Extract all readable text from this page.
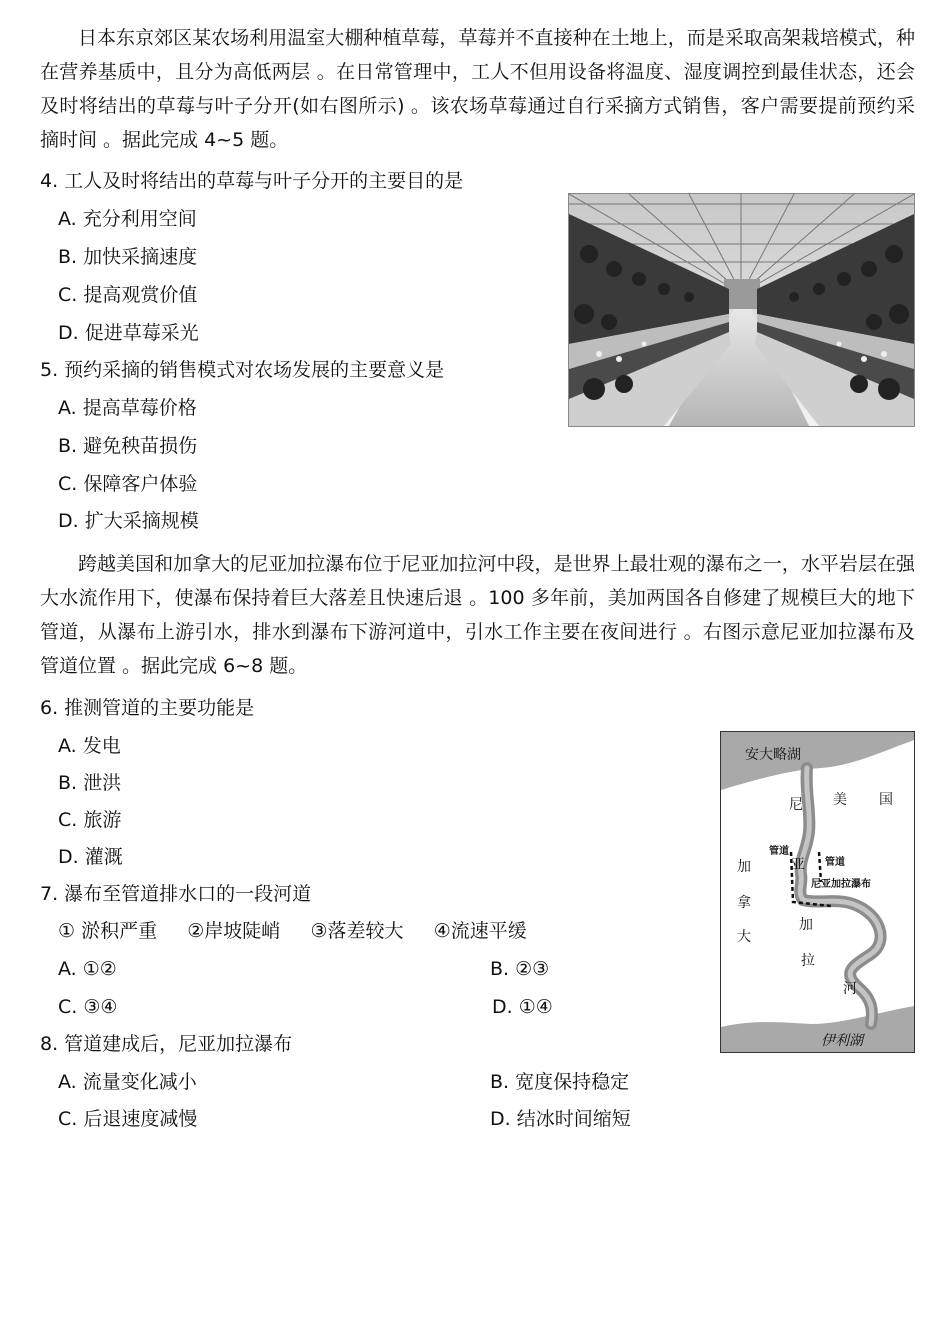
日本东京郊区某农场利用温室大棚种植草莓，草莓并不直接种在土地上，而是采取高架栽培模式，种在营养基质中，且分为高低两层 。在日常管理中，工人不但用设备将温度、湿度调控到最佳状态，还会及时将结出的草莓与叶子分开(如右图所示) 。该农场草莓通过自行采摘方式销售，客户需要提前预约采摘时间 。据此完成 4~5 题。

4. 工人及时将结出的草莓与叶子分开的主要目的是
A. 充分利用空间
B. 加快采摘速度
C. 提高观赏价值
D. 促进草莓采光
5. 预约采摘的销售模式对农场发展的主要意义是
A. 提高草莓价格
B. 避免秧苗损伤
C. 保障客户体验
D. 扩大采摘规模

跨越美国和加拿大的尼亚加拉瀑布位于尼亚加拉河中段，是世界上最壮观的瀑布之一，水平岩层在强大水流作用下，使瀑布保持着巨大落差且快速后退 。100 多年前，美加两国各自修建了规模巨大的地下管道，从瀑布上游引水，排水到瀑布下游河道中，引水工作主要在夜间进行 。右图示意尼亚加拉瀑布及管道位置 。据此完成 6~8 题。

6. 推测管道的主要功能是
A. 发电
B. 泄洪
C. 旅游
D. 灌溉
7. 瀑布至管道排水口的一段河道
① 淤积严重     ②岸坡陡峭     ③落差较大     ④流速平缓
A. ①②	B. ②③
C. ③④	D. ①④
8. 管道建成后，尼亚加拉瀑布
A. 流量变化减小	B. 宽度保持稳定
C. 后退速度减慢	D. 结冰时间缩短
安大略湖
尼 美 国
管道
亚 管道
尼亚加拉瀑布
加
拿
大
加
拉
河
伊利湖
